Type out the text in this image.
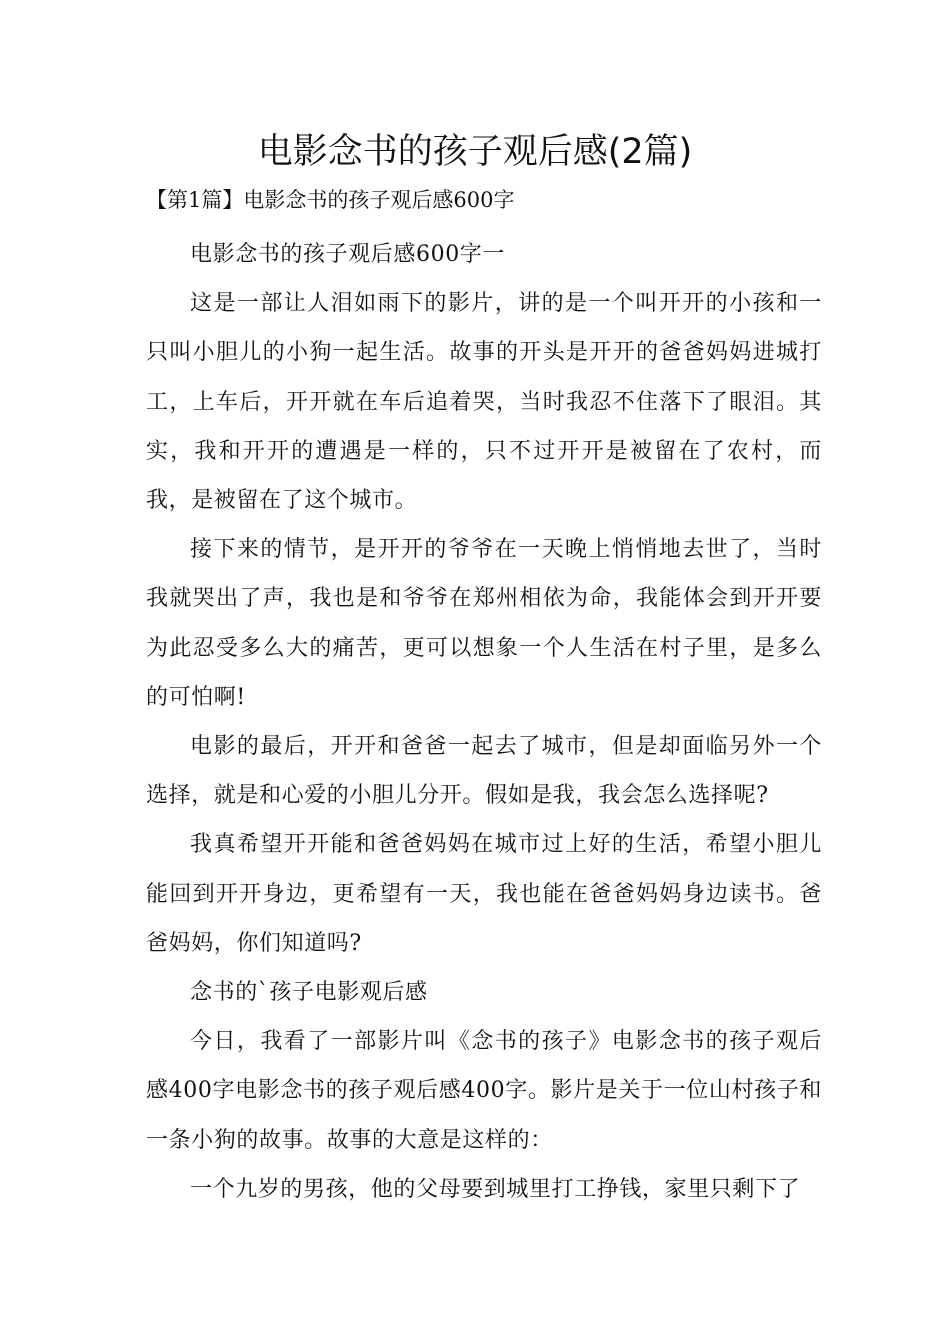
电影念书的孩子观后感(2篇)
【第1篇】电影念书的孩子观后感600字

电影念书的孩子观后感600字一

这是一部让人泪如雨下的影片，讲的是一个叫开开的小孩和一只叫小胆儿的小狗一起生活。故事的开头是开开的爸爸妈妈进城打工，上车后，开开就在车后追着哭，当时我忍不住落下了眼泪。其实，我和开开的遭遇是一样的，只不过开开是被留在了农村，而我，是被留在了这个城市。

接下来的情节，是开开的爷爷在一天晚上悄悄地去世了，当时我就哭出了声，我也是和爷爷在郑州相依为命，我能体会到开开要为此忍受多么大的痛苦，更可以想象一个人生活在村子里，是多么的可怕啊!

电影的最后，开开和爸爸一起去了城市，但是却面临另外一个选择，就是和心爱的小胆儿分开。假如是我，我会怎么选择呢?

我真希望开开能和爸爸妈妈在城市过上好的生活，希望小胆儿能回到开开身边，更希望有一天，我也能在爸爸妈妈身边读书。爸爸妈妈，你们知道吗?

念书的`孩子电影观后感

今日，我看了一部影片叫《念书的孩子》电影念书的孩子观后感400字电影念书的孩子观后感400字。影片是关于一位山村孩子和一条小狗的故事。故事的大意是这样的：

一个九岁的男孩，他的父母要到城里打工挣钱，家里只剩下了
